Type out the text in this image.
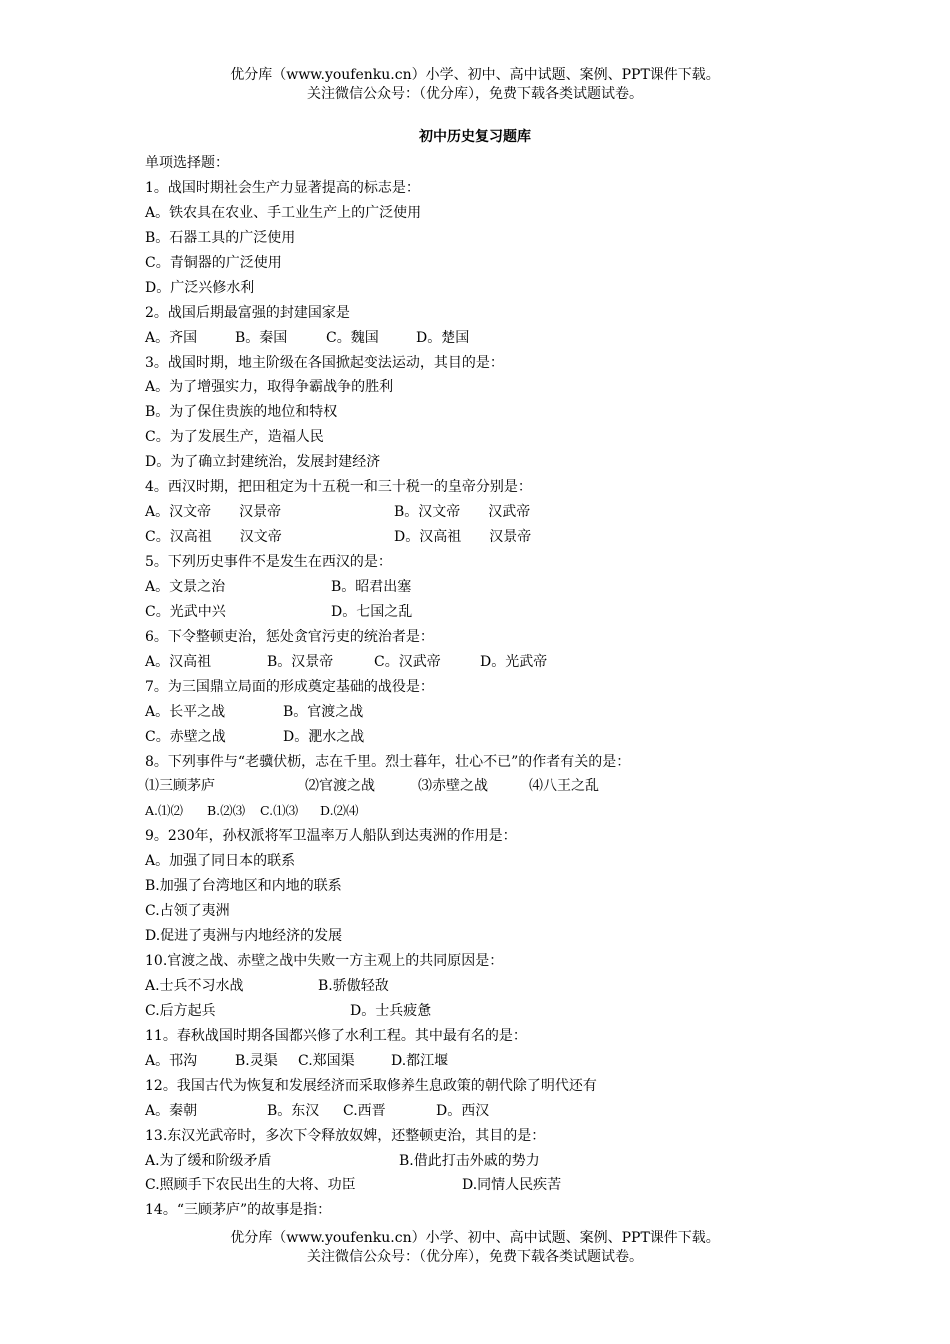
优分库（www.youfenku.cn）小学、初中、高中试题、案例、PPT课件下载。
关注微信公众号：（优分库），免费下载各类试题试卷。
初中历史复习题库
单项选择题：
1。战国时期社会生产力显著提高的标志是：
A。铁农具在农业、手工业生产上的广泛使用
B。石器工具的广泛使用
C。青铜器的广泛使用
D。广泛兴修水利
2。战国后期最富强的封建国家是
A。齐国	B。秦国	C。魏国	D。楚国
3。战国时期，地主阶级在各国掀起变法运动，其目的是：
A。为了增强实力，取得争霸战争的胜利
B。为了保住贵族的地位和特权
C。为了发展生产，造福人民
D。为了确立封建统治，发展封建经济
4。西汉时期，把田租定为十五税一和三十税一的皇帝分别是：
A。汉文帝　　汉景帝	B。汉文帝　　汉武帝
C。汉高祖　　汉文帝	D。汉高祖　　汉景帝
5。下列历史事件不是发生在西汉的是：
A。文景之治	B。昭君出塞
C。光武中兴	D。七国之乱
6。下令整顿吏治，惩处贪官污吏的统治者是：
A。汉高祖	B。汉景帝	C。汉武帝	D。光武帝
7。为三国鼎立局面的形成奠定基础的战役是：
A。长平之战	B。官渡之战
C。赤壁之战	D。淝水之战
8。下列事件与“老骥伏枥，志在千里。烈士暮年，壮心不已”的作者有关的是：
⑴三顾茅庐	⑵官渡之战	⑶赤壁之战	⑷八王之乱
A.⑴⑵ B.⑵⑶ C.⑴⑶ D.⑵⑷
9。230年，孙权派将军卫温率万人船队到达夷洲的作用是：
A。加强了同日本的联系
B.加强了台湾地区和内地的联系
C.占领了夷洲
D.促进了夷洲与内地经济的发展
10.官渡之战、赤壁之战中失败一方主观上的共同原因是：
A.士兵不习水战	B.骄傲轻敌
C.后方起兵	D。士兵疲惫
11。春秋战国时期各国都兴修了水利工程。其中最有名的是：
A。邗沟	B.灵渠 C.郑国渠	D.都江堰
12。我国古代为恢复和发展经济而采取修养生息政策的朝代除了明代还有
A。秦朝	B。东汉 C.西晋	D。西汉
13.东汉光武帝时，多次下令释放奴婢，还整顿吏治，其目的是：
A.为了缓和阶级矛盾	B.借此打击外戚的势力
C.照顾手下农民出生的大将、功臣	D.同情人民疾苦
14。“三顾茅庐”的故事是指：
优分库（www.youfenku.cn）小学、初中、高中试题、案例、PPT课件下载。
关注微信公众号：（优分库），免费下载各类试题试卷。
